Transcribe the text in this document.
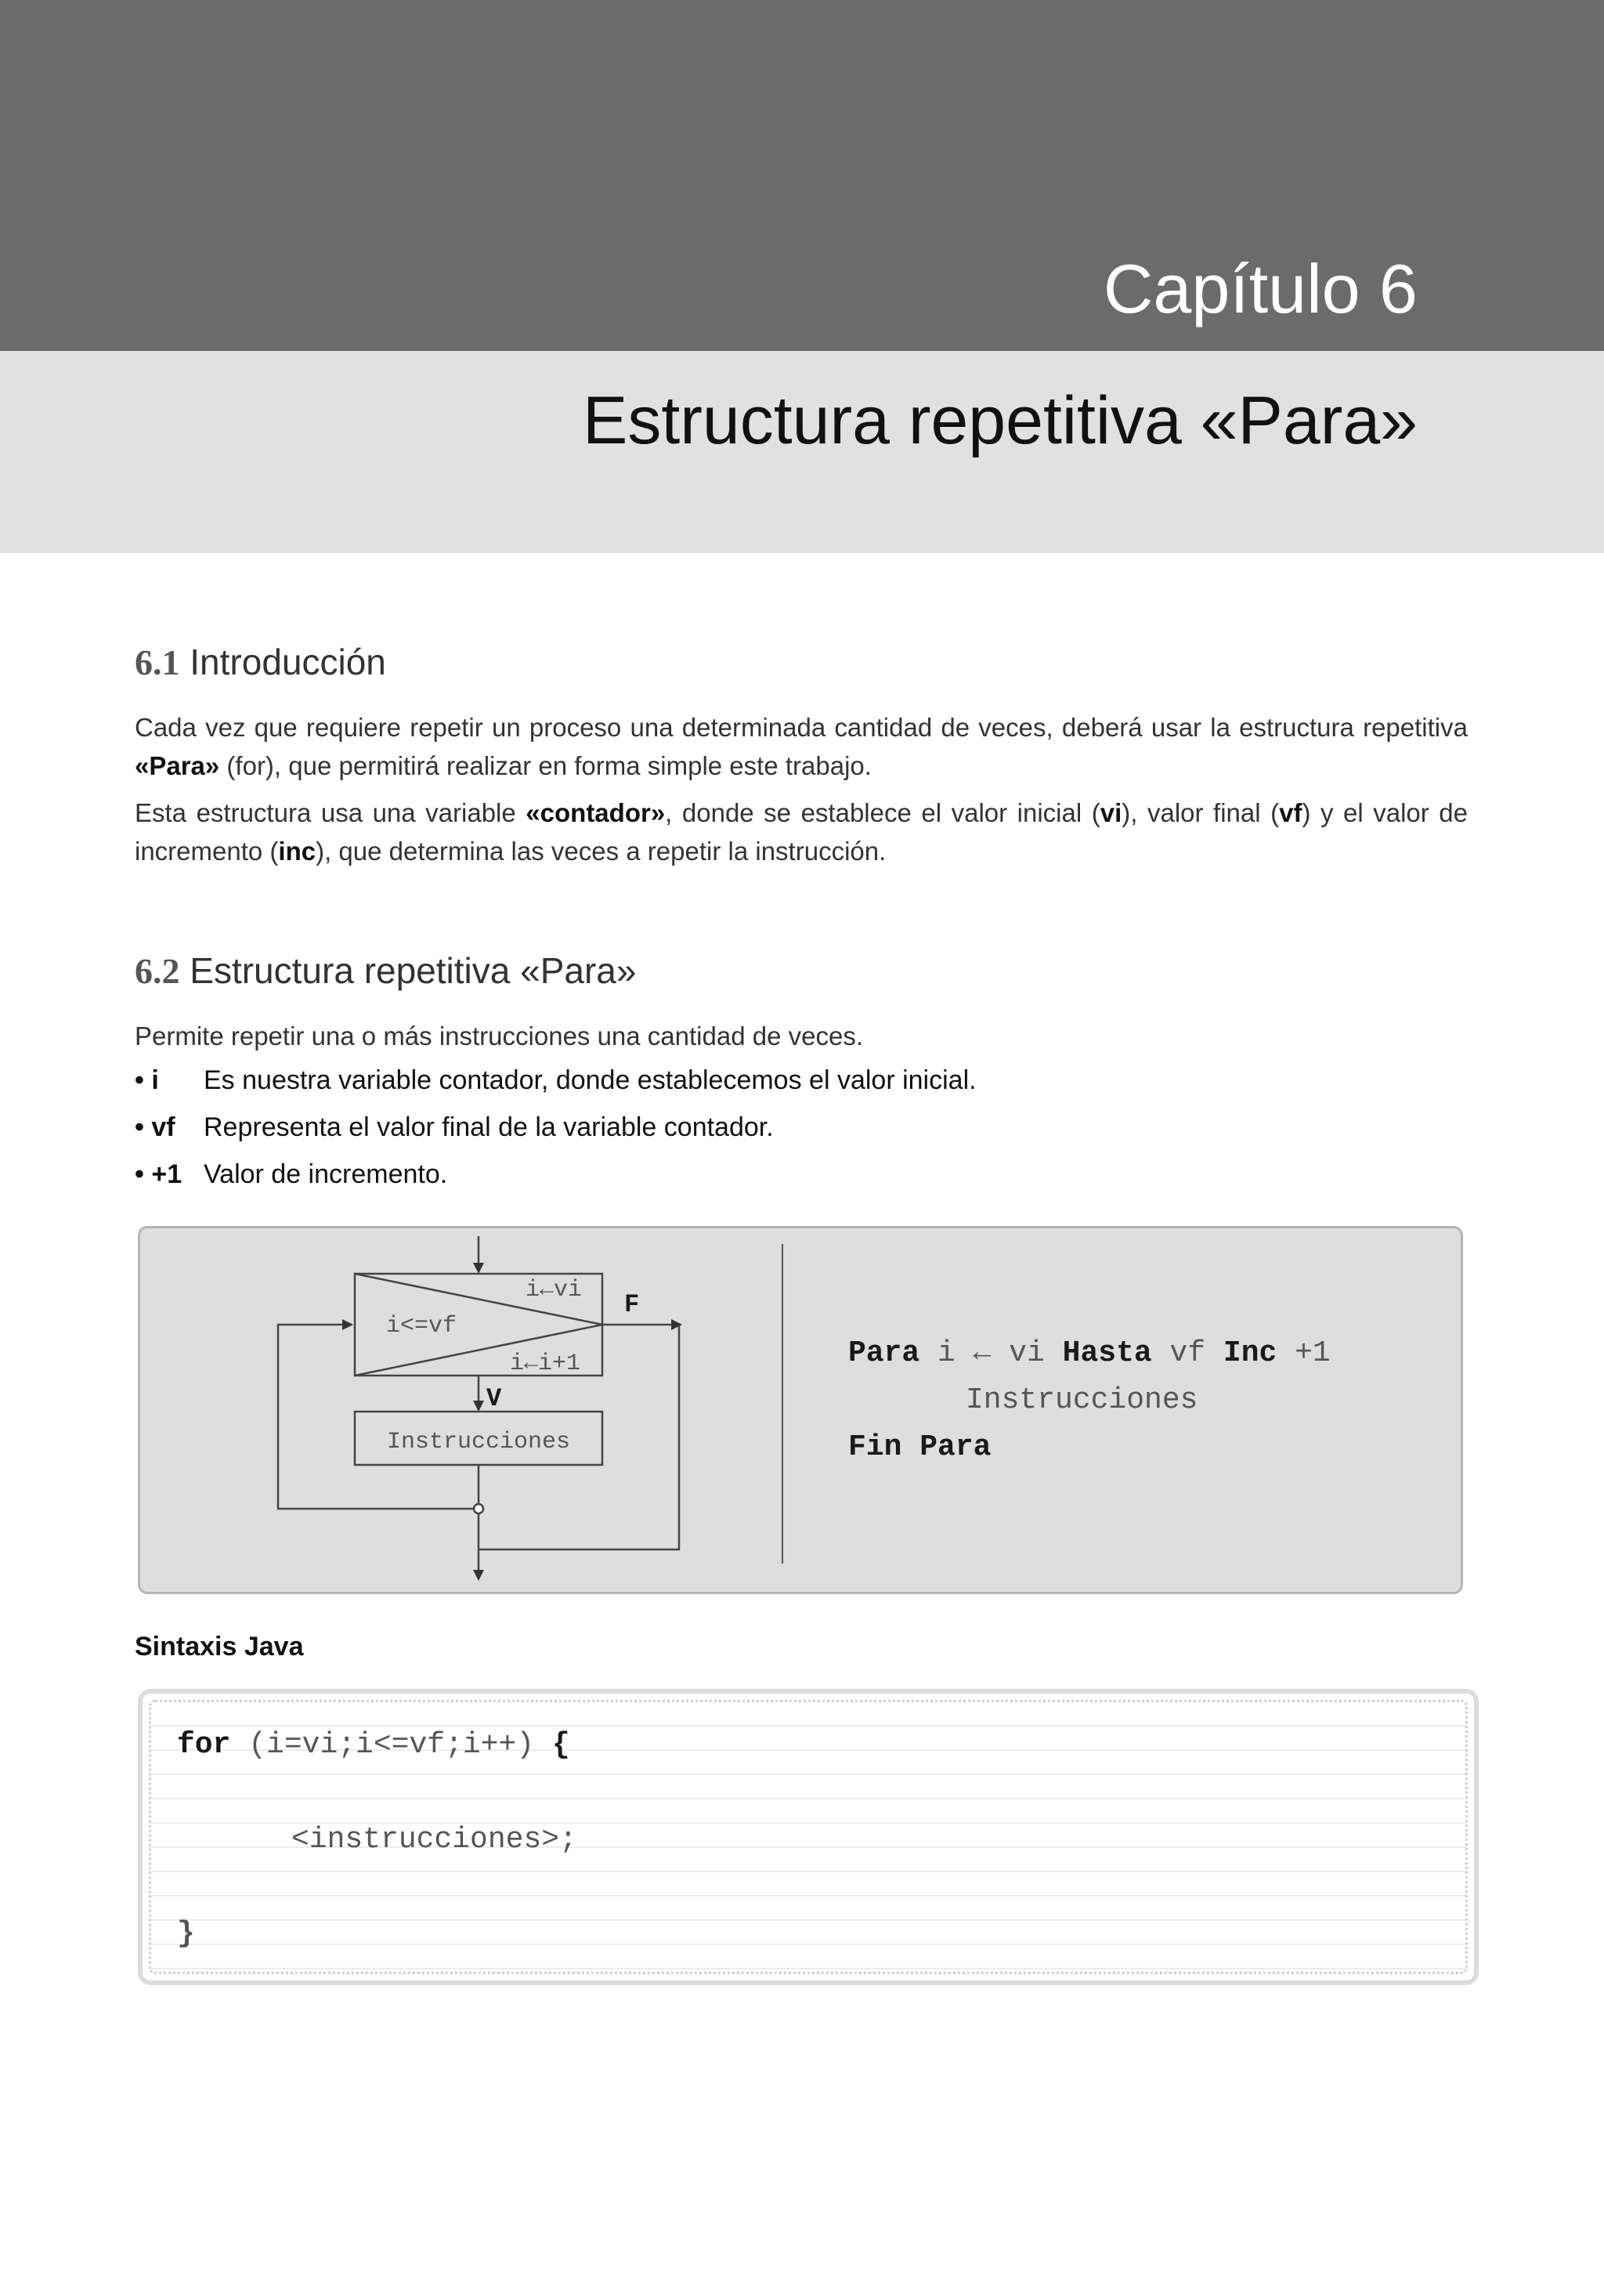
Capítulo 6
Estructura repetitiva «Para»
6.1 Introducción
Cada vez que requiere repetir un proceso una determinada cantidad de veces, deberá usar la estructura repetitiva «Para» (for), que permitirá realizar en forma simple este trabajo.
Esta estructura usa una variable «contador», donde se establece el valor inicial (vi), valor final (vf) y el valor de incremento (inc), que determina las veces a repetir la instrucción.
6.2 Estructura repetitiva «Para»
Permite repetir una o más instrucciones una cantidad de veces.
• i Es nuestra variable contador, donde establecemos el valor inicial.
• vf Representa el valor final de la variable contador.
• +1 Valor de incremento.
i←vi
i<=vf
i←i+1
F
V
Instrucciones
Para i ← vi Hasta vf Inc +1
Instrucciones
Fin Para
Sintaxis Java
for (i=vi;i<=vf;i++) {
<instrucciones>;
}
